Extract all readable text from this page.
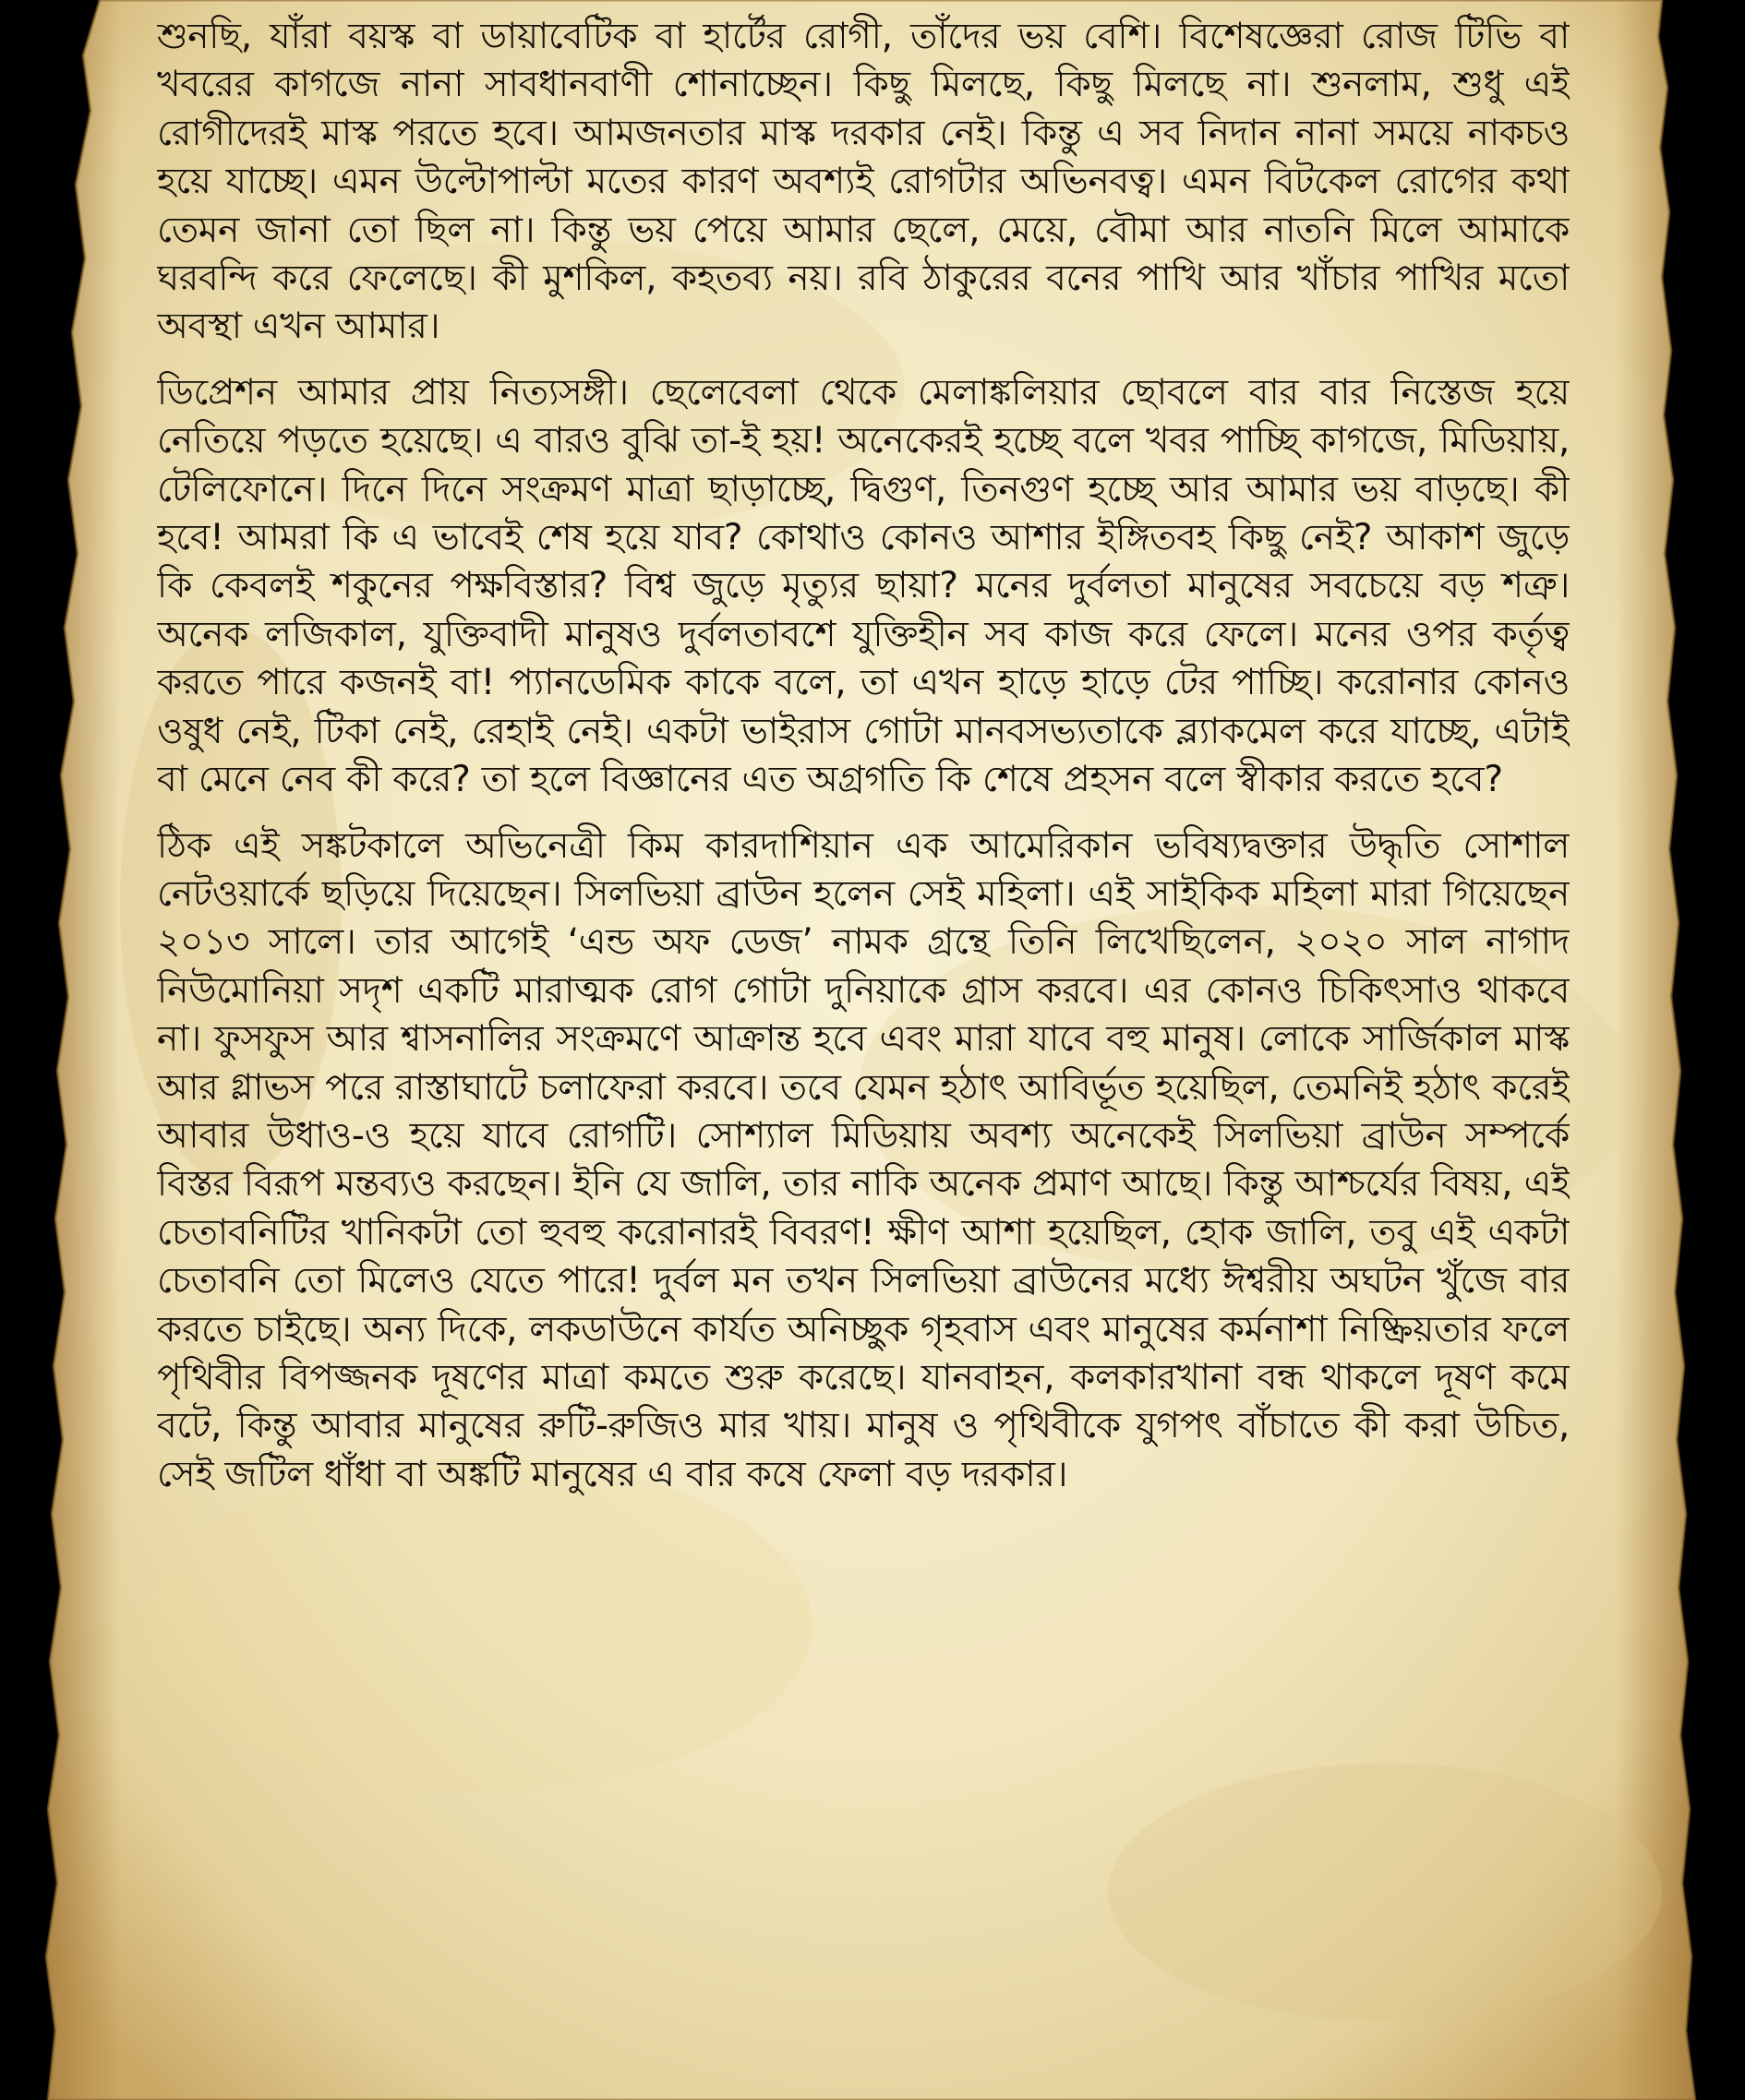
শুনছি, যাঁরা বয়স্ক বা ডায়াবেটিক বা হার্টের রোগী, তাঁদের ভয় বেশি। বিশেষজ্ঞেরা রোজ টিভি বা খবরের কাগজে নানা সাবধানবাণী শোনাচ্ছেন। কিছু মিলছে, কিছু মিলছে না। শুনলাম, শুধু এই রোগীদেরই মাস্ক পরতে হবে। আমজনতার মাস্ক দরকার নেই। কিন্তু এ সব নিদান নানা সময়ে নাকচও হয়ে যাচ্ছে। এমন উল্টোপাল্টা মতের কারণ অবশ্যই রোগটার অভিনবত্ব। এমন বিটকেল রোগের কথা তেমন জানা তো ছিল না। কিন্তু ভয় পেয়ে আমার ছেলে, মেয়ে, বৌমা আর নাতনি মিলে আমাকে ঘরবন্দি করে ফেলেছে। কী মুশকিল, কহতব্য নয়। রবি ঠাকুরের বনের পাখি আর খাঁচার পাখির মতো অবস্থা এখন আমার।

ডিপ্রেশন আমার প্রায় নিত্যসঙ্গী। ছেলেবেলা থেকে মেলাঙ্কলিয়ার ছোবলে বার বার নিস্তেজ হয়ে নেতিয়ে পড়তে হয়েছে। এ বারও বুঝি তা-ই হয়! অনেকেরই হচ্ছে বলে খবর পাচ্ছি কাগজে, মিডিয়ায়, টেলিফোনে। দিনে দিনে সংক্রমণ মাত্রা ছাড়াচ্ছে, দ্বিগুণ, তিনগুণ হচ্ছে আর আমার ভয় বাড়ছে। কী হবে! আমরা কি এ ভাবেই শেষ হয়ে যাব? কোথাও কোনও আশার ইঙ্গিতবহ কিছু নেই? আকাশ জুড়ে কি কেবলই শকুনের পক্ষবিস্তার? বিশ্ব জুড়ে মৃত্যুর ছায়া? মনের দুর্বলতা মানুষের সবচেয়ে বড় শত্রু। অনেক লজিকাল, যুক্তিবাদী মানুষও দুর্বলতাবশে যুক্তিহীন সব কাজ করে ফেলে। মনের ওপর কর্তৃত্ব করতে পারে কজনই বা! প্যানডেমিক কাকে বলে, তা এখন হাড়ে হাড়ে টের পাচ্ছি। করোনার কোনও ওষুধ নেই, টিকা নেই, রেহাই নেই। একটা ভাইরাস গোটা মানবসভ্যতাকে ব্ল্যাকমেল করে যাচ্ছে, এটাই বা মেনে নেব কী করে? তা হলে বিজ্ঞানের এত অগ্রগতি কি শেষে প্রহসন বলে স্বীকার করতে হবে?

ঠিক এই সঙ্কটকালে অভিনেত্রী কিম কারদাশিয়ান এক আমেরিকান ভবিষ্যদ্বক্তার উদ্ধৃতি সোশাল নেটওয়ার্কে ছড়িয়ে দিয়েছেন। সিলভিয়া ব্রাউন হলেন সেই মহিলা। এই সাইকিক মহিলা মারা গিয়েছেন ২০১৩ সালে। তার আগেই ‘এন্ড অফ ডেজ’ নামক গ্রন্থে তিনি লিখেছিলেন, ২০২০ সাল নাগাদ নিউমোনিয়া সদৃশ একটি মারাত্মক রোগ গোটা দুনিয়াকে গ্রাস করবে। এর কোনও চিকিৎসাও থাকবে না। ফুসফুস আর শ্বাসনালির সংক্রমণে আক্রান্ত হবে এবং মারা যাবে বহু মানুষ। লোকে সার্জিকাল মাস্ক আর গ্লাভস পরে রাস্তাঘাটে চলাফেরা করবে। তবে যেমন হঠাৎ আবির্ভূত হয়েছিল, তেমনিই হঠাৎ করেই আবার উধাও-ও হয়ে যাবে রোগটি। সোশ্যাল মিডিয়ায় অবশ্য অনেকেই সিলভিয়া ব্রাউন সম্পর্কে বিস্তর বিরূপ মন্তব্যও করছেন। ইনি যে জালি, তার নাকি অনেক প্রমাণ আছে। কিন্তু আশ্চর্যের বিষয়, এই চেতাবনিটির খানিকটা তো হুবহু করোনারই বিবরণ! ক্ষীণ আশা হয়েছিল, হোক জালি, তবু এই একটা চেতাবনি তো মিলেও যেতে পারে! দুর্বল মন তখন সিলভিয়া ব্রাউনের মধ্যে ঈশ্বরীয় অঘটন খুঁজে বার করতে চাইছে। অন্য দিকে, লকডাউনে কার্যত অনিচ্ছুক গৃহবাস এবং মানুষের কর্মনাশা নিষ্ক্রিয়তার ফলে পৃথিবীর বিপজ্জনক দূষণের মাত্রা কমতে শুরু করেছে। যানবাহন, কলকারখানা বন্ধ থাকলে দূষণ কমে বটে, কিন্তু আবার মানুষের রুটি-রুজিও মার খায়। মানুষ ও পৃথিবীকে যুগপৎ বাঁচাতে কী করা উচিত, সেই জটিল ধাঁধা বা অঙ্কটি মানুষের এ বার কষে ফেলা বড় দরকার।
